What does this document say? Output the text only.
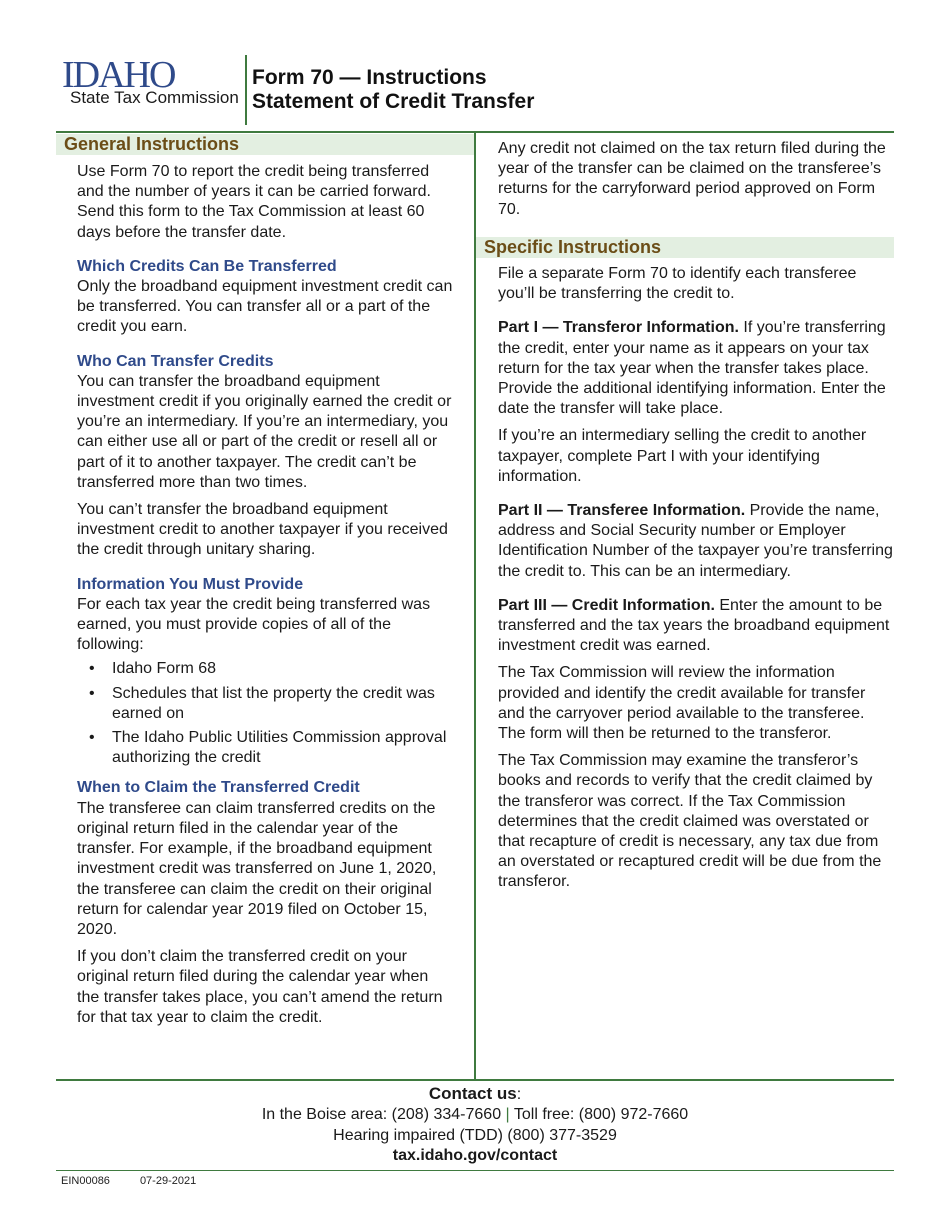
IDAHO
State Tax Commission
Form 70 — Instructions
Statement of Credit Transfer
General Instructions

Use Form 70 to report the credit being transferred and the number of years it can be carried forward. Send this form to the Tax Commission at least 60 days before the transfer date.

Which Credits Can Be Transferred

Only the broadband equipment investment credit can be transferred. You can transfer all or a part of the credit you earn.

Who Can Transfer Credits

You can transfer the broadband equipment investment credit if you originally earned the credit or you’re an intermediary. If you’re an intermediary, you can either use all or part of the credit or resell all or part of it to another taxpayer. The credit can’t be transferred more than two times.

You can’t transfer the broadband equipment investment credit to another taxpayer if you received the credit through unitary sharing.

Information You Must Provide

For each tax year the credit being transferred was earned, you must provide copies of all of the following:

• Idaho Form 68
• Schedules that list the property the credit was earned on
• The Idaho Public Utilities Commission approval authorizing the credit
When to Claim the Transferred Credit

The transferee can claim transferred credits on the original return filed in the calendar year of the transfer. For example, if the broadband equipment investment credit was transferred on June 1, 2020, the transferee can claim the credit on their original return for calendar year 2019 filed on October 15, 2020.

If you don’t claim the transferred credit on your original return filed during the calendar year when the transfer takes place, you can’t amend the return for that tax year to claim the credit.

Any credit not claimed on the tax return filed during the year of the transfer can be claimed on the transferee’s returns for the carryforward period approved on Form 70.

Specific Instructions

File a separate Form 70 to identify each transferee you’ll be transferring the credit to.

Part I — Transferor Information. If you’re transferring the credit, enter your name as it appears on your tax return for the tax year when the transfer takes place. Provide the additional identifying information. Enter the date the transfer will take place.

If you’re an intermediary selling the credit to another taxpayer, complete Part I with your identifying information.

Part II — Transferee Information. Provide the name, address and Social Security number or Employer Identification Number of the taxpayer you’re transferring the credit to. This can be an intermediary.

Part III — Credit Information. Enter the amount to be transferred and the tax years the broadband equipment investment credit was earned.

The Tax Commission will review the information provided and identify the credit available for transfer and the carryover period available to the transferee. The form will then be returned to the transferor.

The Tax Commission may examine the transferor’s books and records to verify that the credit claimed by the transferor was correct. If the Tax Commission determines that the credit claimed was overstated or that recapture of credit is necessary, any tax due from an overstated or recaptured credit will be due from the transferor.

Contact us:
In the Boise area: (208) 334-7660 | Toll free: (800) 972-7660
Hearing impaired (TDD) (800) 377-3529
tax.idaho.gov/contact
EIN00086	07-29-2021
